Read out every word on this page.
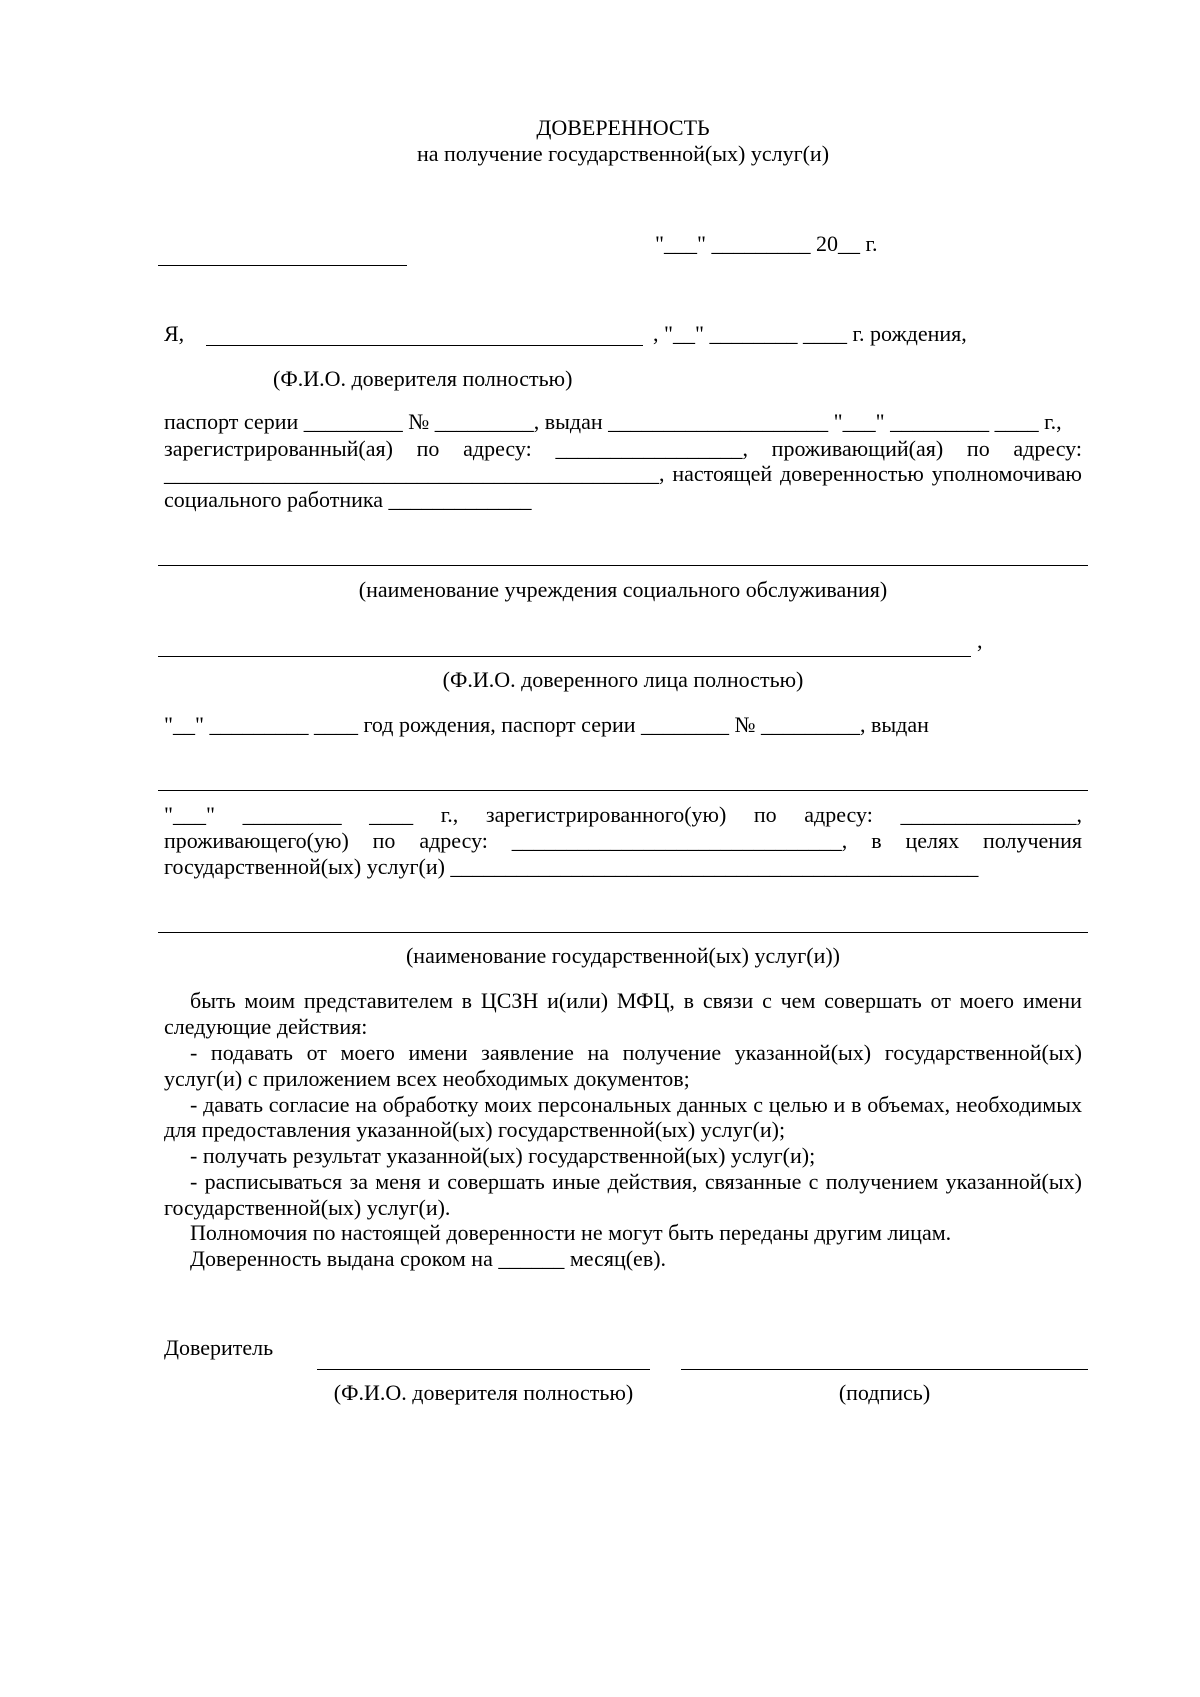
ДОВЕРЕННОСТЬ
на получение государственной(ых) услуг(и)
"___" _________ 20__ г.
Я,	, "__" ________ ____ г. рождения,
(Ф.И.О. доверителя полностью)
паспорт серии _________ № _________, выдан ____________________ "___" _________ ____ г.,
зарегистрированный(ая) по адресу: _________________, проживающий(ая) по адресу:
_____________________________________________, настоящей доверенностью уполномочиваю
социального работника _____________
(наименование учреждения социального обслуживания)
,
(Ф.И.О. доверенного лица полностью)
"__" _________ ____ год рождения, паспорт серии ________ № _________, выдан
"___" _________ ____ г., зарегистрированного(ую) по адресу: ________________,
проживающего(ую) по адресу: ______________________________, в целях получения
государственной(ых) услуг(и) ________________________________________________
(наименование государственной(ых) услуг(и))
быть моим представителем в ЦСЗН и(или) МФЦ, в связи с чем совершать от моего имени
следующие действия:
- подавать от моего имени заявление на получение указанной(ых) государственной(ых)
услуг(и) с приложением всех необходимых документов;
- давать согласие на обработку моих персональных данных с целью и в объемах, необходимых
для предоставления указанной(ых) государственной(ых) услуг(и);
- получать результат указанной(ых) государственной(ых) услуг(и);
- расписываться за меня и совершать иные действия, связанные с получением указанной(ых)
государственной(ых) услуг(и).
Полномочия по настоящей доверенности не могут быть переданы другим лицам.
Доверенность выдана сроком на ______ месяц(ев).
Доверитель
(Ф.И.О. доверителя полностью)	(подпись)
